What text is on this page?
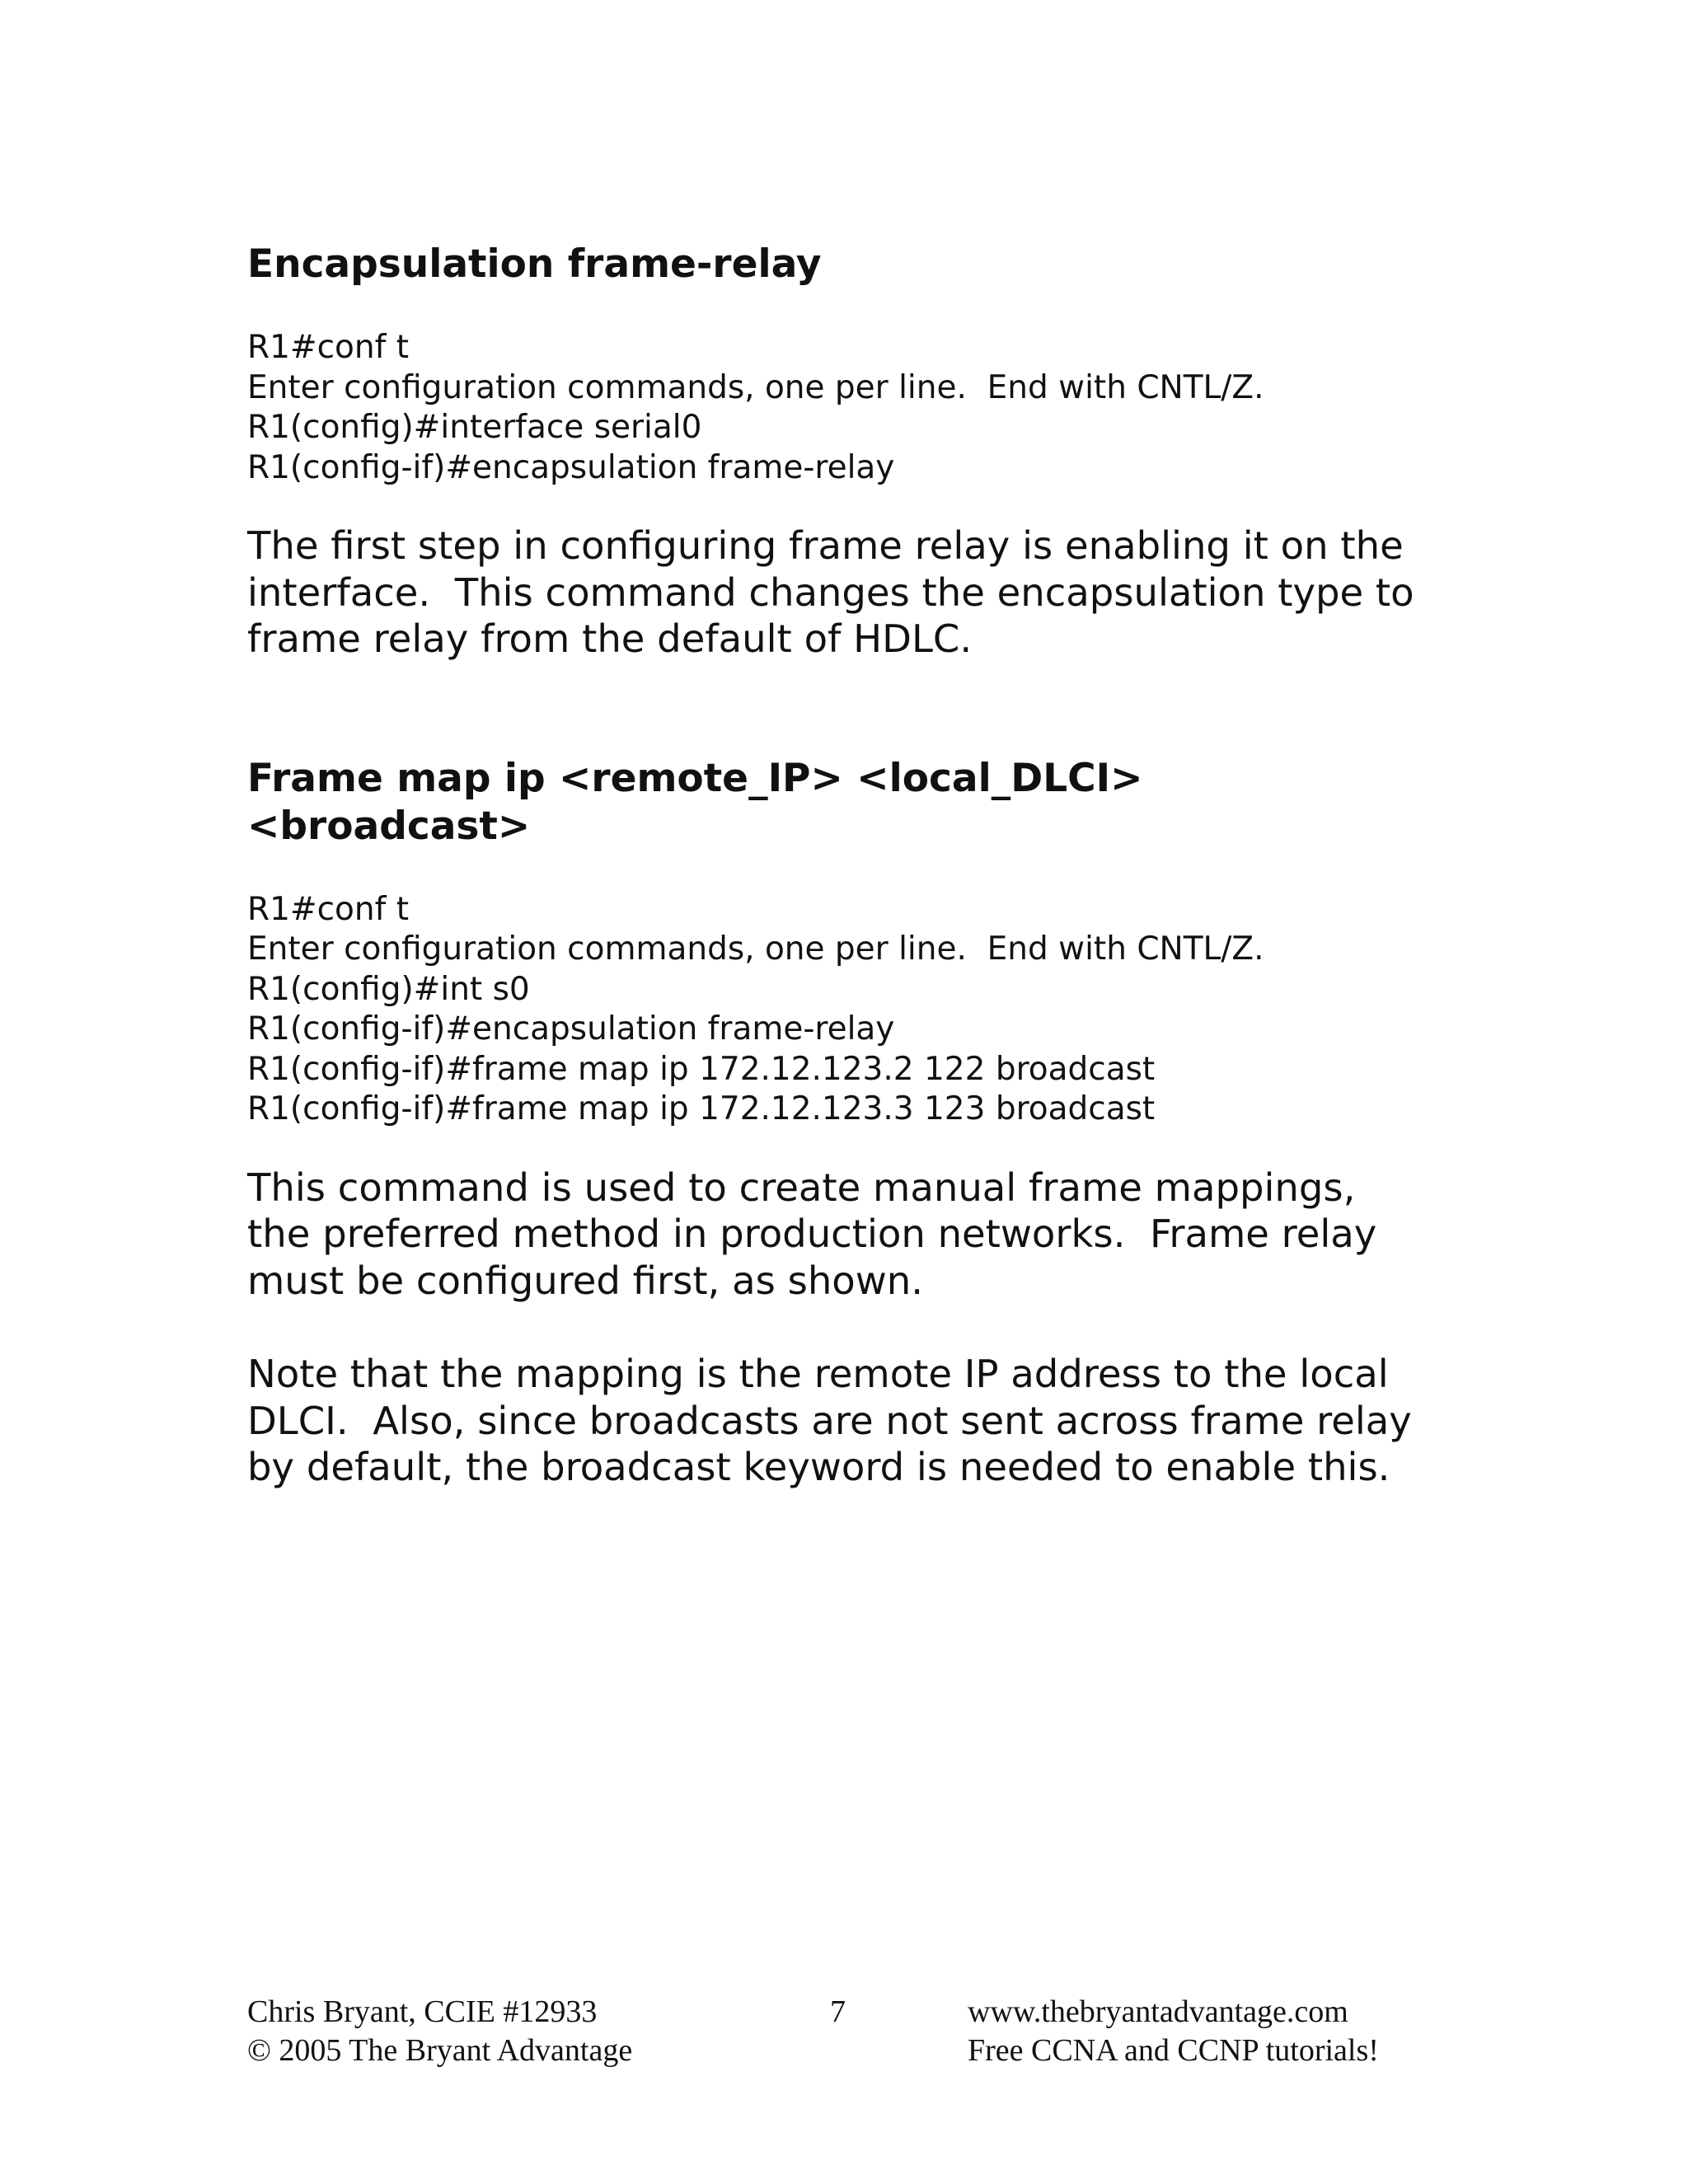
Encapsulation frame-relay
R1#conf t
Enter configuration commands, one per line.  End with CNTL/Z.
R1(config)#interface serial0
R1(config-if)#encapsulation frame-relay

The first step in configuring frame relay is enabling it on the
interface.  This command changes the encapsulation type to
frame relay from the default of HDLC.

Frame map ip <remote_IP> <local_DLCI>
<broadcast>
R1#conf t
Enter configuration commands, one per line.  End with CNTL/Z.
R1(config)#int s0
R1(config-if)#encapsulation frame-relay
R1(config-if)#frame map ip 172.12.123.2 122 broadcast
R1(config-if)#frame map ip 172.12.123.3 123 broadcast

This command is used to create manual frame mappings,
the preferred method in production networks.  Frame relay
must be configured first, as shown.

Note that the mapping is the remote IP address to the local
DLCI.  Also, since broadcasts are not sent across frame relay
by default, the broadcast keyword is needed to enable this.

Chris Bryant, CCIE #12933
© 2005 The Bryant Advantage
7	www.thebryantadvantage.com
Free CCNA and CCNP tutorials!
